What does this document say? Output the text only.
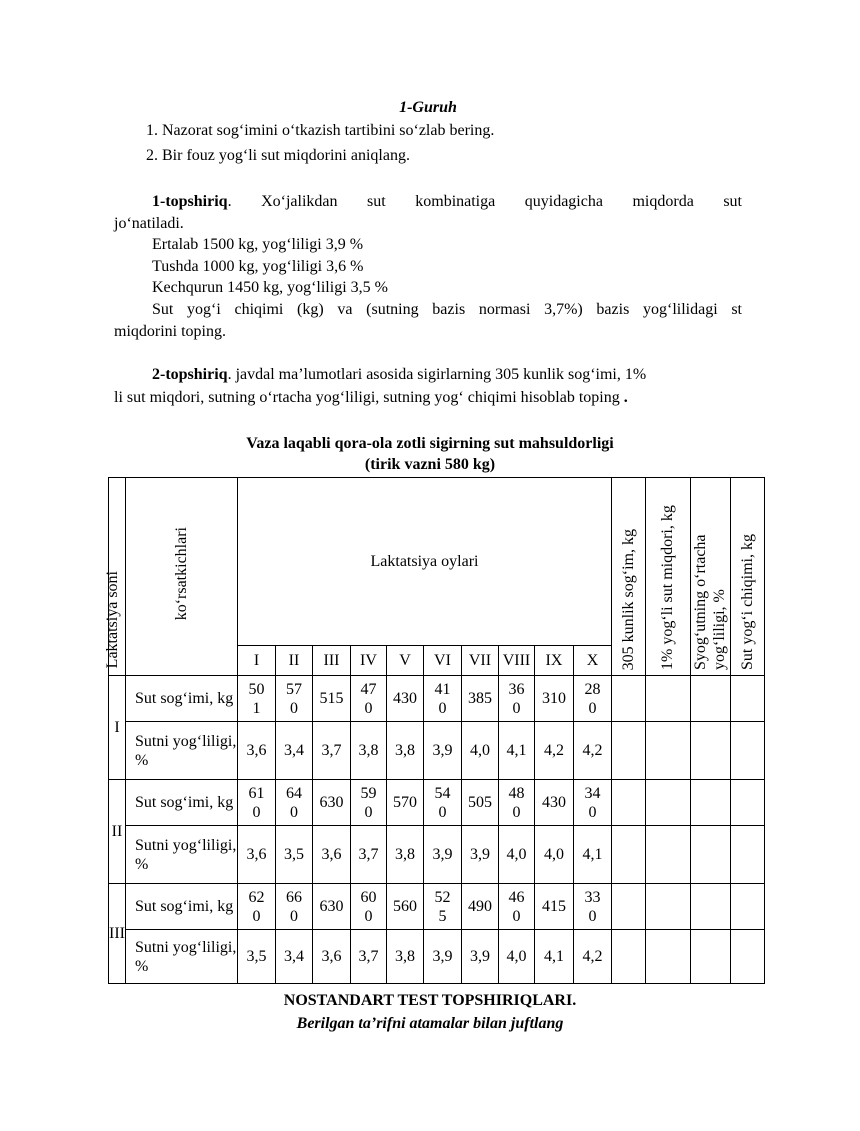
1-Guruh
1. Nazorat sog‘imini o‘tkazish tartibini so‘zlab bering.
2. Bir fouz yog‘li sut miqdorini aniqlang.
1-topshiriq. Xo‘jalikdan sut kombinatiga quyidagicha miqdorda sut
jo‘natiladi.
Ertalab 1500 kg, yog‘liligi 3,9 %
Tushda 1000 kg, yog‘liligi 3,6 %
Kechqurun 1450 kg, yog‘liligi 3,5 %
Sut yog‘i chiqimi (kg) va (sutning bazis normasi 3,7%) bazis yog‘lilidagi st
miqdorini toping.
2-topshiriq. javdal ma’lumotlari asosida sigirlarning 305 kunlik sog‘imi, 1%
li sut miqdori, sutning o‘rtacha yog‘liligi, sutning yog‘ chiqimi hisoblab toping .
Vaza laqabli qora-ola zotli sigirning sut mahsuldorligi
(tirik vazni 580 kg)
Laktatsiya soni	ko‘rsatkichlari	Laktatsiya oylari										305 kunlik sog‘im, kg	1% yog‘li sut miqdori, kg	Syog‘utning o‘rtacha yog‘liligi, %	Sut yog‘i chiqimi, kg
		I	II	III	IV	V	VI	VII	VIII	IX	X				
I	Sut sog‘imi, kg	501	570	515	470	430	410	385	360	310	280				
	Sutni yog‘liligi, %	3,6	3,4	3,7	3,8	3,8	3,9	4,0	4,1	4,2	4,2				
II	Sut sog‘imi, kg	610	640	630	590	570	540	505	480	430	340				
	Sutni yog‘liligi, %	3,6	3,5	3,6	3,7	3,8	3,9	3,9	4,0	4,0	4,1				
III	Sut sog‘imi, kg	620	660	630	600	560	525	490	460	415	330				
	Sutni yog‘liligi, %	3,5	3,4	3,6	3,7	3,8	3,9	3,9	4,0	4,1	4,2				
NOSTANDART TEST TOPSHIRIQLARI.
Berilgan ta’rifni atamalar bilan juftlang
